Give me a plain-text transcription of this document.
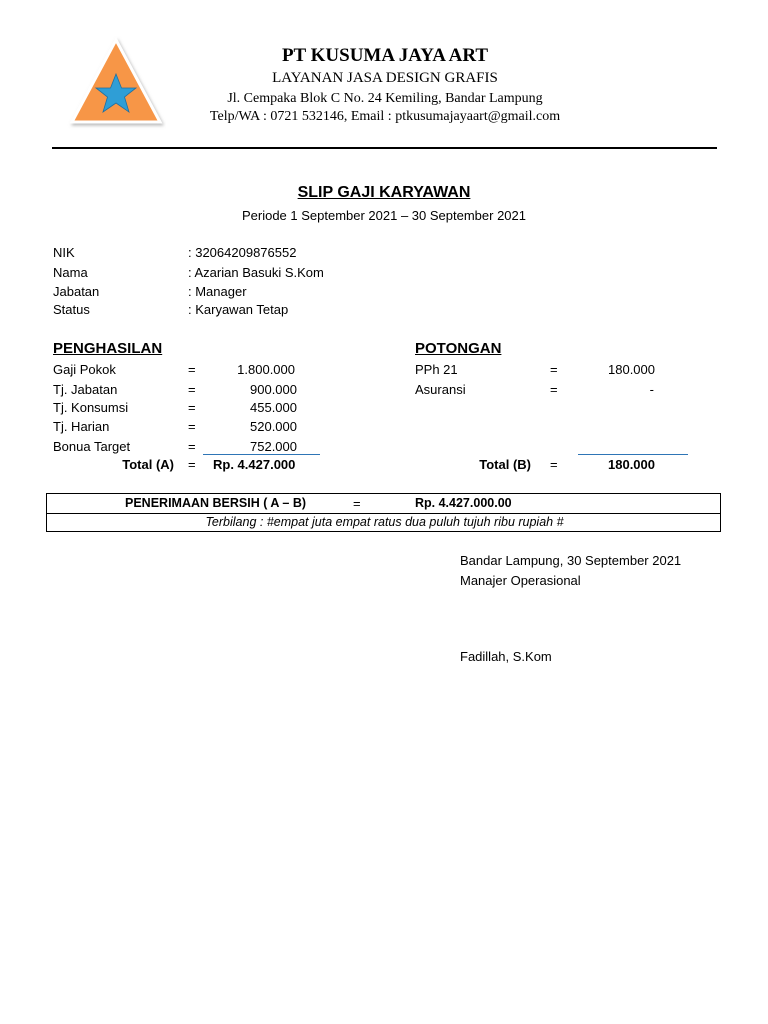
PT KUSUMA JAYA ART
LAYANAN JASA DESIGN GRAFIS
Jl. Cempaka Blok C No. 24 Kemiling, Bandar Lampung
Telp/WA : 0721 532146, Email : ptkusumajayaart@gmail.com
SLIP GAJI KARYAWAN
Periode 1 September 2021 – 30 September 2021
NIK	: 32064209876552
Nama	: Azarian Basuki S.Kom
Jabatan	: Manager
Status	: Karyawan Tetap
PENGHASILAN
Gaji Pokok	=	1.800.000
Tj. Jabatan	=	900.000
Tj. Konsumsi	=	455.000
Tj. Harian	=	520.000
Bonua Target	=	752.000
Total (A) = Rp. 4.427.000
POTONGAN
PPh 21	=	180.000
Asuransi	=	-
Total (B) =	180.000
PENERIMAAN BERSIH ( A – B)	=	Rp. 4.427.000.00
Terbilang : #empat juta empat ratus dua puluh tujuh ribu rupiah #
Bandar Lampung, 30 September 2021
Manajer Operasional
Fadillah, S.Kom
